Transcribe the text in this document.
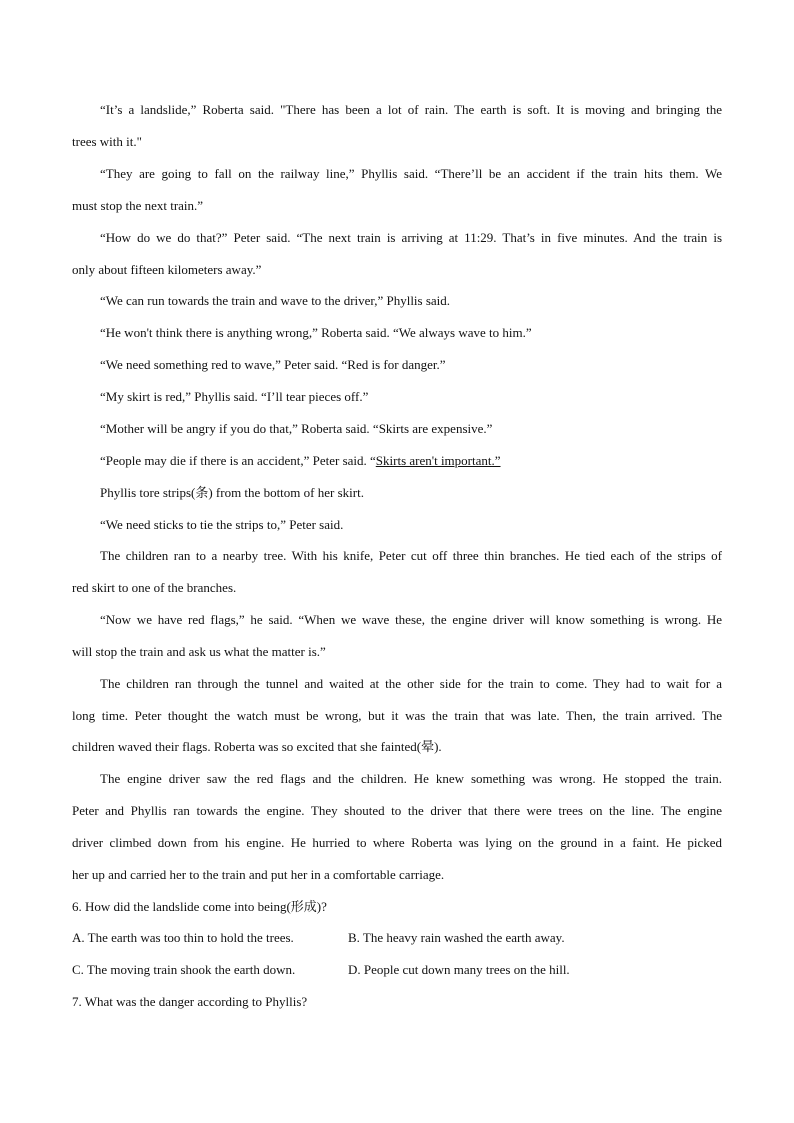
“It’s a landslide,” Roberta said. "There has been a lot of rain. The earth is soft. It is moving and bringing the
trees with it."
“They are going to fall on the railway line,” Phyllis said. “There’ll be an accident if the train hits them. We
must stop the next train.”
“How do we do that?” Peter said. “The next train is arriving at 11:29. That’s in five minutes. And the train is
only about fifteen kilometers away.”
“We can run towards the train and wave to the driver,” Phyllis said.
“He won't think there is anything wrong,” Roberta said. “We always wave to him.”
“We need something red to wave,” Peter said. “Red is for danger.”
“My skirt is red,” Phyllis said. “I’ll tear pieces off.”
“Mother will be angry if you do that,” Roberta said. “Skirts are expensive.”
“People may die if there is an accident,” Peter said. “Skirts aren't important.”
Phyllis tore strips(条) from the bottom of her skirt.
“We need sticks to tie the strips to,” Peter said.
The children ran to a nearby tree. With his knife, Peter cut off three thin branches. He tied each of the strips of
red skirt to one of the branches.
“Now we have red flags,” he said. “When we wave these, the engine driver will know something is wrong. He
will stop the train and ask us what the matter is.”
The children ran through the tunnel and waited at the other side for the train to come. They had to wait for a
long time. Peter thought the watch must be wrong, but it was the train that was late. Then, the train arrived. The
children waved their flags. Roberta was so excited that she fainted(晕).
The engine driver saw the red flags and the children. He knew something was wrong. He stopped the train.
Peter and Phyllis ran towards the engine. They shouted to the driver that there were trees on the line. The engine
driver climbed down from his engine. He hurried to where Roberta was lying on the ground in a faint. He picked
her up and carried her to the train and put her in a comfortable carriage.
6. How did the landslide come into being(形成)?
A. The earth was too thin to hold the trees.	B. The heavy rain washed the earth away.
C. The moving train shook the earth down.	D. People cut down many trees on the hill.
7. What was the danger according to Phyllis?
